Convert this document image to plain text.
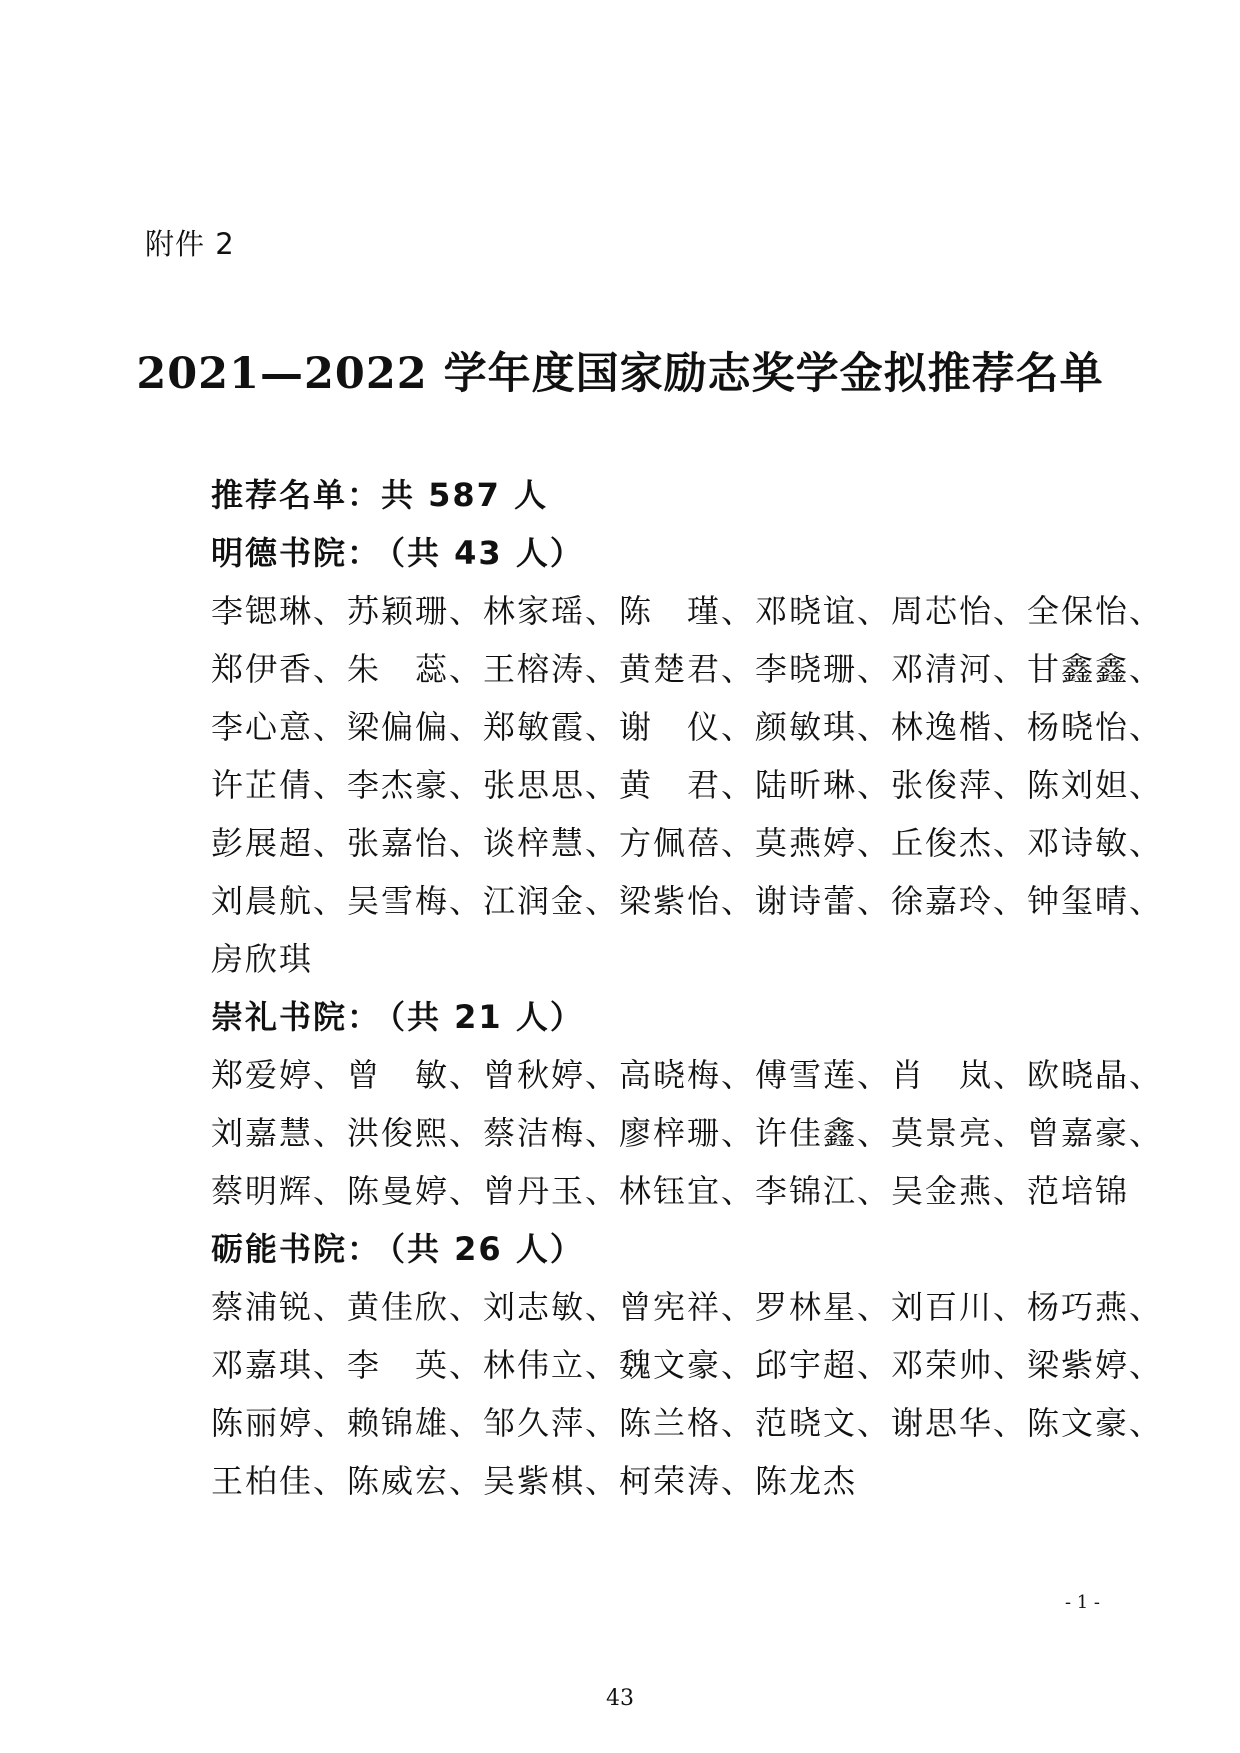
附件 2
2021—2022 学年度国家励志奖学金拟推荐名单
推荐名单：共 587 人
明德书院： （共 43 人）
李锶琳、苏颖珊、林家瑶、陈　瑾、邓晓谊、周芯怡、全保怡、
郑伊香、朱　蕊、王榕涛、黄楚君、李晓珊、邓清河、甘鑫鑫、
李心意、梁偏偏、郑敏霞、谢　仪、颜敏琪、林逸楷、杨晓怡、
许芷倩、李杰豪、张思思、黄　君、陆昕琳、张俊萍、陈刘妲、
彭展超、张嘉怡、谈梓慧、方佩蓓、莫燕婷、丘俊杰、邓诗敏、
刘晨航、吴雪梅、江润金、梁紫怡、谢诗蕾、徐嘉玲、钟玺晴、
房欣琪
崇礼书院： （共 21 人）
郑爱婷、曾　敏、曾秋婷、高晓梅、傅雪莲、肖　岚、欧晓晶、
刘嘉慧、洪俊熙、蔡洁梅、廖梓珊、许佳鑫、莫景亮、曾嘉豪、
蔡明辉、陈曼婷、曾丹玉、林钰宜、李锦江、吴金燕、范培锦
砺能书院： （共 26 人）
蔡浦锐、黄佳欣、刘志敏、曾宪祥、罗林星、刘百川、杨巧燕、
邓嘉琪、李　英、林伟立、魏文豪、邱宇超、邓荣帅、梁紫婷、
陈丽婷、赖锦雄、邹久萍、陈兰格、范晓文、谢思华、陈文豪、
王柏佳、陈威宏、吴紫棋、柯荣涛、陈龙杰
- 1 -
43
